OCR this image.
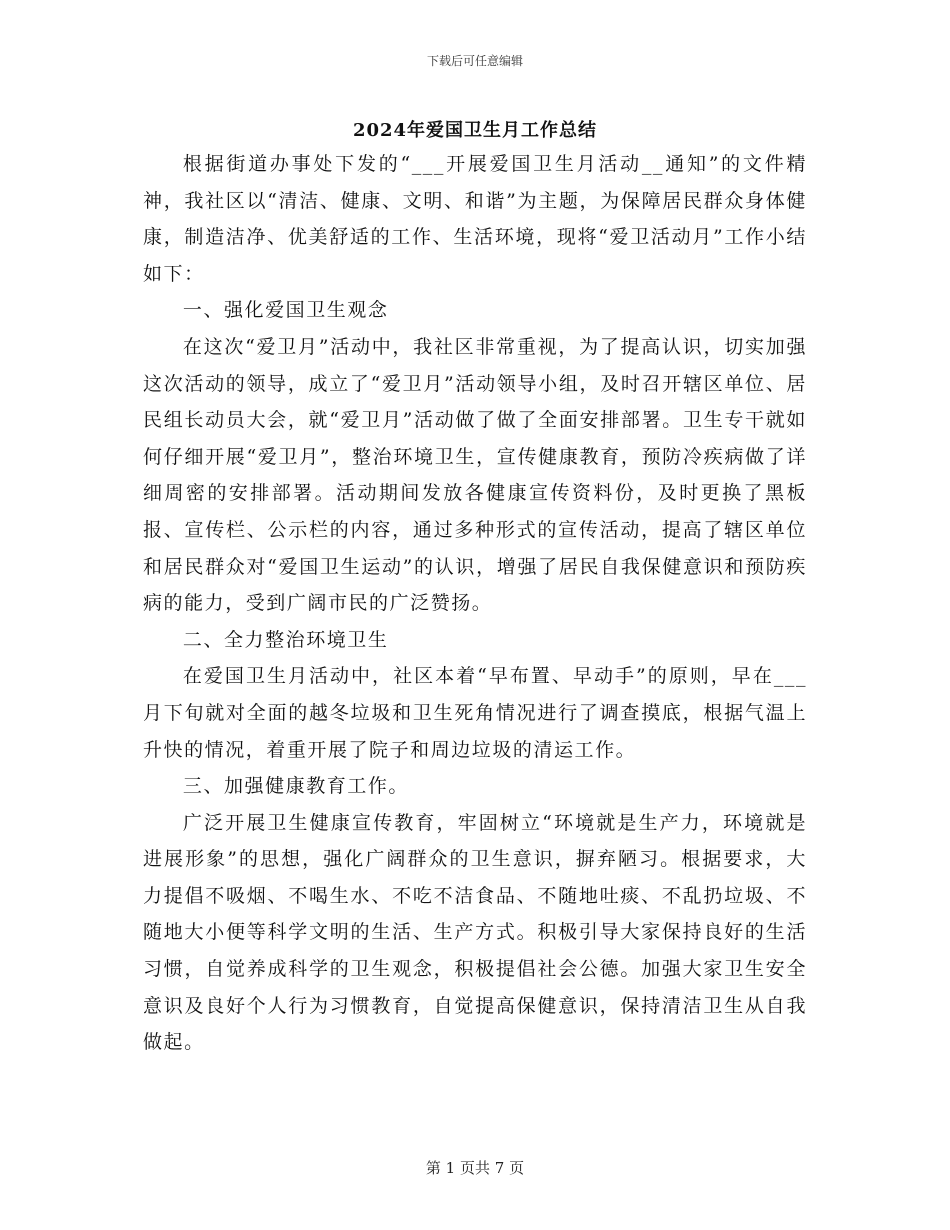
下载后可任意编辑
2024年爱国卫生月工作总结

根据街道办事处下发的“___开展爱国卫生月活动__通知”的文件精神，我社区以“清洁、健康、文明、和谐”为主题，为保障居民群众身体健康，制造洁净、优美舒适的工作、生活环境，现将“爱卫活动月”工作小结如下：

一、强化爱国卫生观念

在这次“爱卫月”活动中，我社区非常重视，为了提高认识，切实加强这次活动的领导，成立了“爱卫月”活动领导小组，及时召开辖区单位、居民组长动员大会，就“爱卫月”活动做了做了全面安排部署。卫生专干就如何仔细开展“爱卫月”，整治环境卫生，宣传健康教育，预防冷疾病做了详细周密的安排部署。活动期间发放各健康宣传资料份，及时更换了黑板报、宣传栏、公示栏的内容，通过多种形式的宣传活动，提高了辖区单位和居民群众对“爱国卫生运动”的认识，增强了居民自我保健意识和预防疾病的能力，受到广阔市民的广泛赞扬。

二、全力整治环境卫生

在爱国卫生月活动中，社区本着“早布置、早动手”的原则，早在___月下旬就对全面的越冬垃圾和卫生死角情况进行了调查摸底，根据气温上升快的情况，着重开展了院子和周边垃圾的清运工作。

三、加强健康教育工作。

广泛开展卫生健康宣传教育，牢固树立“环境就是生产力，环境就是进展形象”的思想，强化广阔群众的卫生意识，摒弃陋习。根据要求，大力提倡不吸烟、不喝生水、不吃不洁食品、不随地吐痰、不乱扔垃圾、不随地大小便等科学文明的生活、生产方式。积极引导大家保持良好的生活习惯，自觉养成科学的卫生观念，积极提倡社会公德。加强大家卫生安全意识及良好个人行为习惯教育，自觉提高保健意识，保持清洁卫生从自我做起。

第 1 页共 7 页
